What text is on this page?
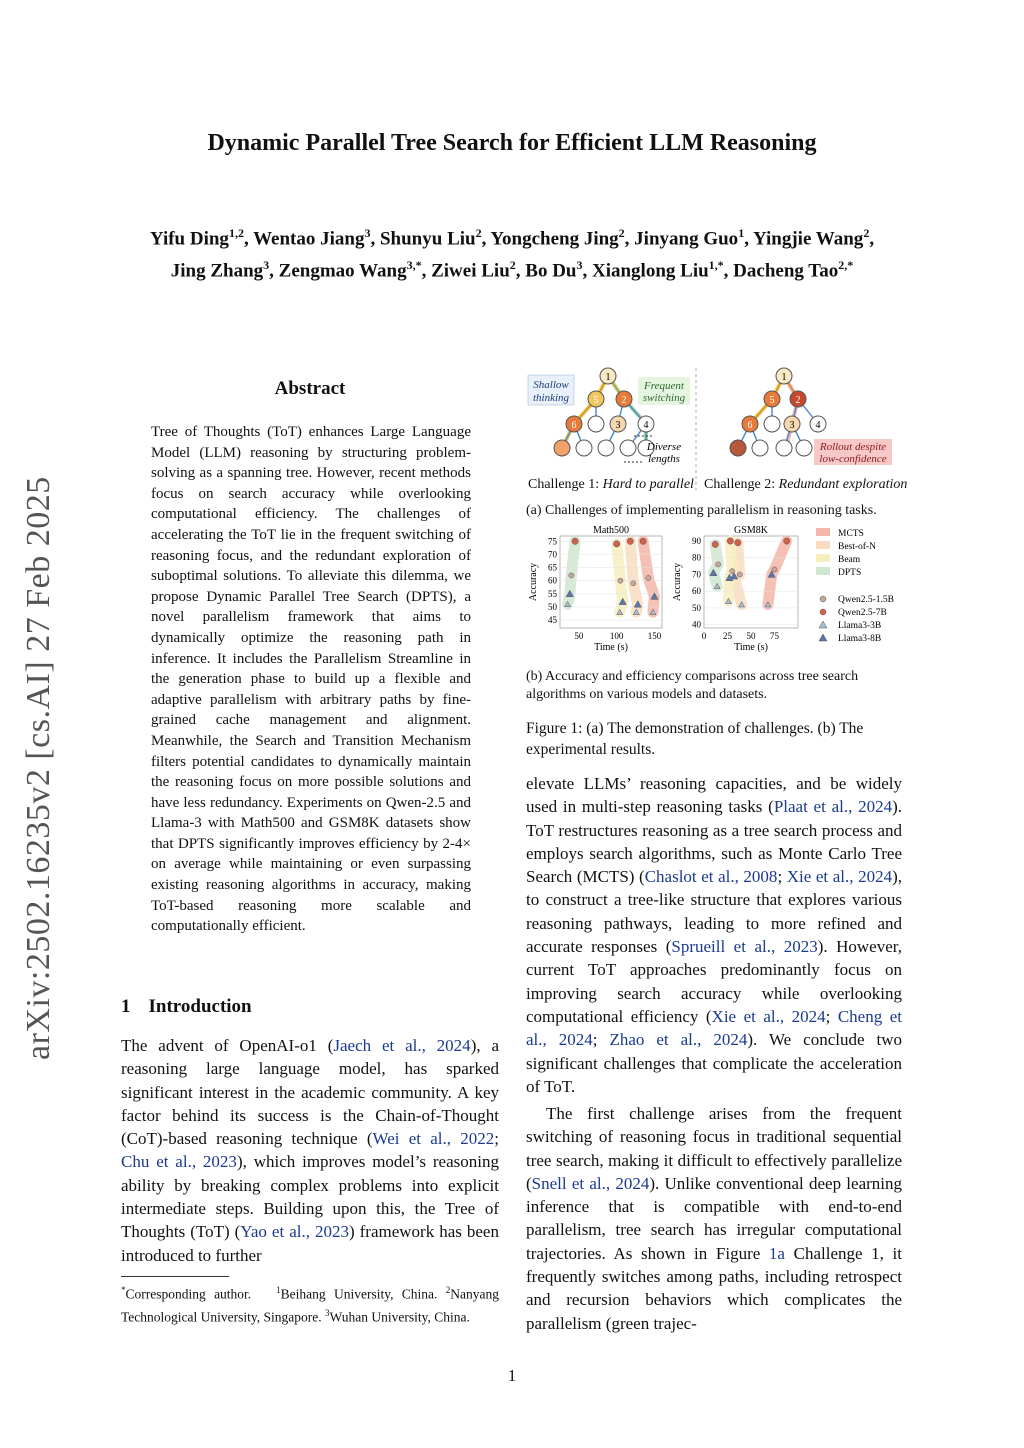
Dynamic Parallel Tree Search for Efficient LLM Reasoning
Yifu Ding$^{1,2}$, Wentao Jiang$^3$, Shunyu Liu$^2$, Yongcheng Jing$^2$, Jinyang Guo$^1$, Yingjie Wang$^2$,
Jing Zhang$^3$, Zengmao Wang$^{3,*}$, Ziwei Liu$^2$, Bo Du$^3$, Xianglong Liu$^{1,*}$, Dacheng Tao$^{2,*}$
arXiv:2502.16235v2 [cs.AI] 27 Feb 2025
Abstract
Tree of Thoughts (ToT) enhances Large Language Model (LLM) reasoning by structuring problem-solving as a spanning tree. However, recent methods focus on search accuracy while overlooking computational efficiency. The challenges of accelerating the ToT lie in the frequent switching of reasoning focus, and the redundant exploration of suboptimal solutions. To alleviate this dilemma, we propose Dynamic Parallel Tree Search (DPTS), a novel parallelism framework that aims to dynamically optimize the reasoning path in inference. It includes the Parallelism Streamline in the generation phase to build up a flexible and adaptive parallelism with arbitrary paths by fine-grained cache management and alignment. Meanwhile, the Search and Transition Mechanism filters potential candidates to dynamically maintain the reasoning focus on more possible solutions and have less redundancy. Experiments on Qwen-2.5 and Llama-3 with Math500 and GSM8K datasets show that DPTS significantly improves efficiency by 2-4× on average while maintaining or even surpassing existing reasoning algorithms in accuracy, making ToT-based reasoning more scalable and computationally efficient.
1 Introduction
The advent of OpenAI-o1 (Jaech et al., 2024), a reasoning large language model, has sparked significant interest in the academic community. A key factor behind its success is the Chain-of-Thought (CoT)-based reasoning technique (Wei et al., 2022; Chu et al., 2023), which improves model’s reasoning ability by breaking complex problems into explicit intermediate steps. Building upon this, the Tree of Thoughts (ToT) (Yao et al., 2023) framework has been introduced to further
*Corresponding author.	$^1$Beihang University, China. $^2$Nanyang Technological University, Singapore. $^3$Wuhan University, China.
1
5 2
6	3 4
Shallow
thinking
Frequent
switching
Diverse
lengths
1
5 2
6	3 4
Rollout despite
low-confidence
Challenge 1: Hard to parallel Challenge 2: Redundant exploration
(a) Challenges of implementing parallelism in reasoning tasks.
45
50
55
60
65
70
75
50	100	150
Math500
Time (s)
Accuracy
40
50
60
70
80
90
0 25 50 75
GSM8K
Time (s)
Accuracy
MCTS
Best-of-N
Beam
DPTS
Qwen2.5-1.5B
Qwen2.5-7B
Llama3-3B
Llama3-8B
(b) Accuracy and efficiency comparisons across tree search algorithms on various models and datasets.
Figure 1: (a) The demonstration of challenges. (b) The experimental results.
elevate LLMs’ reasoning capacities, and be widely used in multi-step reasoning tasks (Plaat et al., 2024). ToT restructures reasoning as a tree search process and employs search algorithms, such as Monte Carlo Tree Search (MCTS) (Chaslot et al., 2008; Xie et al., 2024), to construct a tree-like structure that explores various reasoning pathways, leading to more refined and accurate responses (Sprueill et al., 2023). However, current ToT approaches predominantly focus on improving search accuracy while overlooking computational efficiency (Xie et al., 2024; Cheng et al., 2024; Zhao et al., 2024). We conclude two significant challenges that complicate the acceleration of ToT.
The first challenge arises from the frequent switching of reasoning focus in traditional sequential tree search, making it difficult to effectively parallelize (Snell et al., 2024). Unlike conventional deep learning inference that is compatible with end-to-end parallelism, tree search has irregular computational trajectories. As shown in Figure 1a Challenge 1, it frequently switches among paths, including retrospect and recursion behaviors which complicates the parallelism (green trajec-
1
